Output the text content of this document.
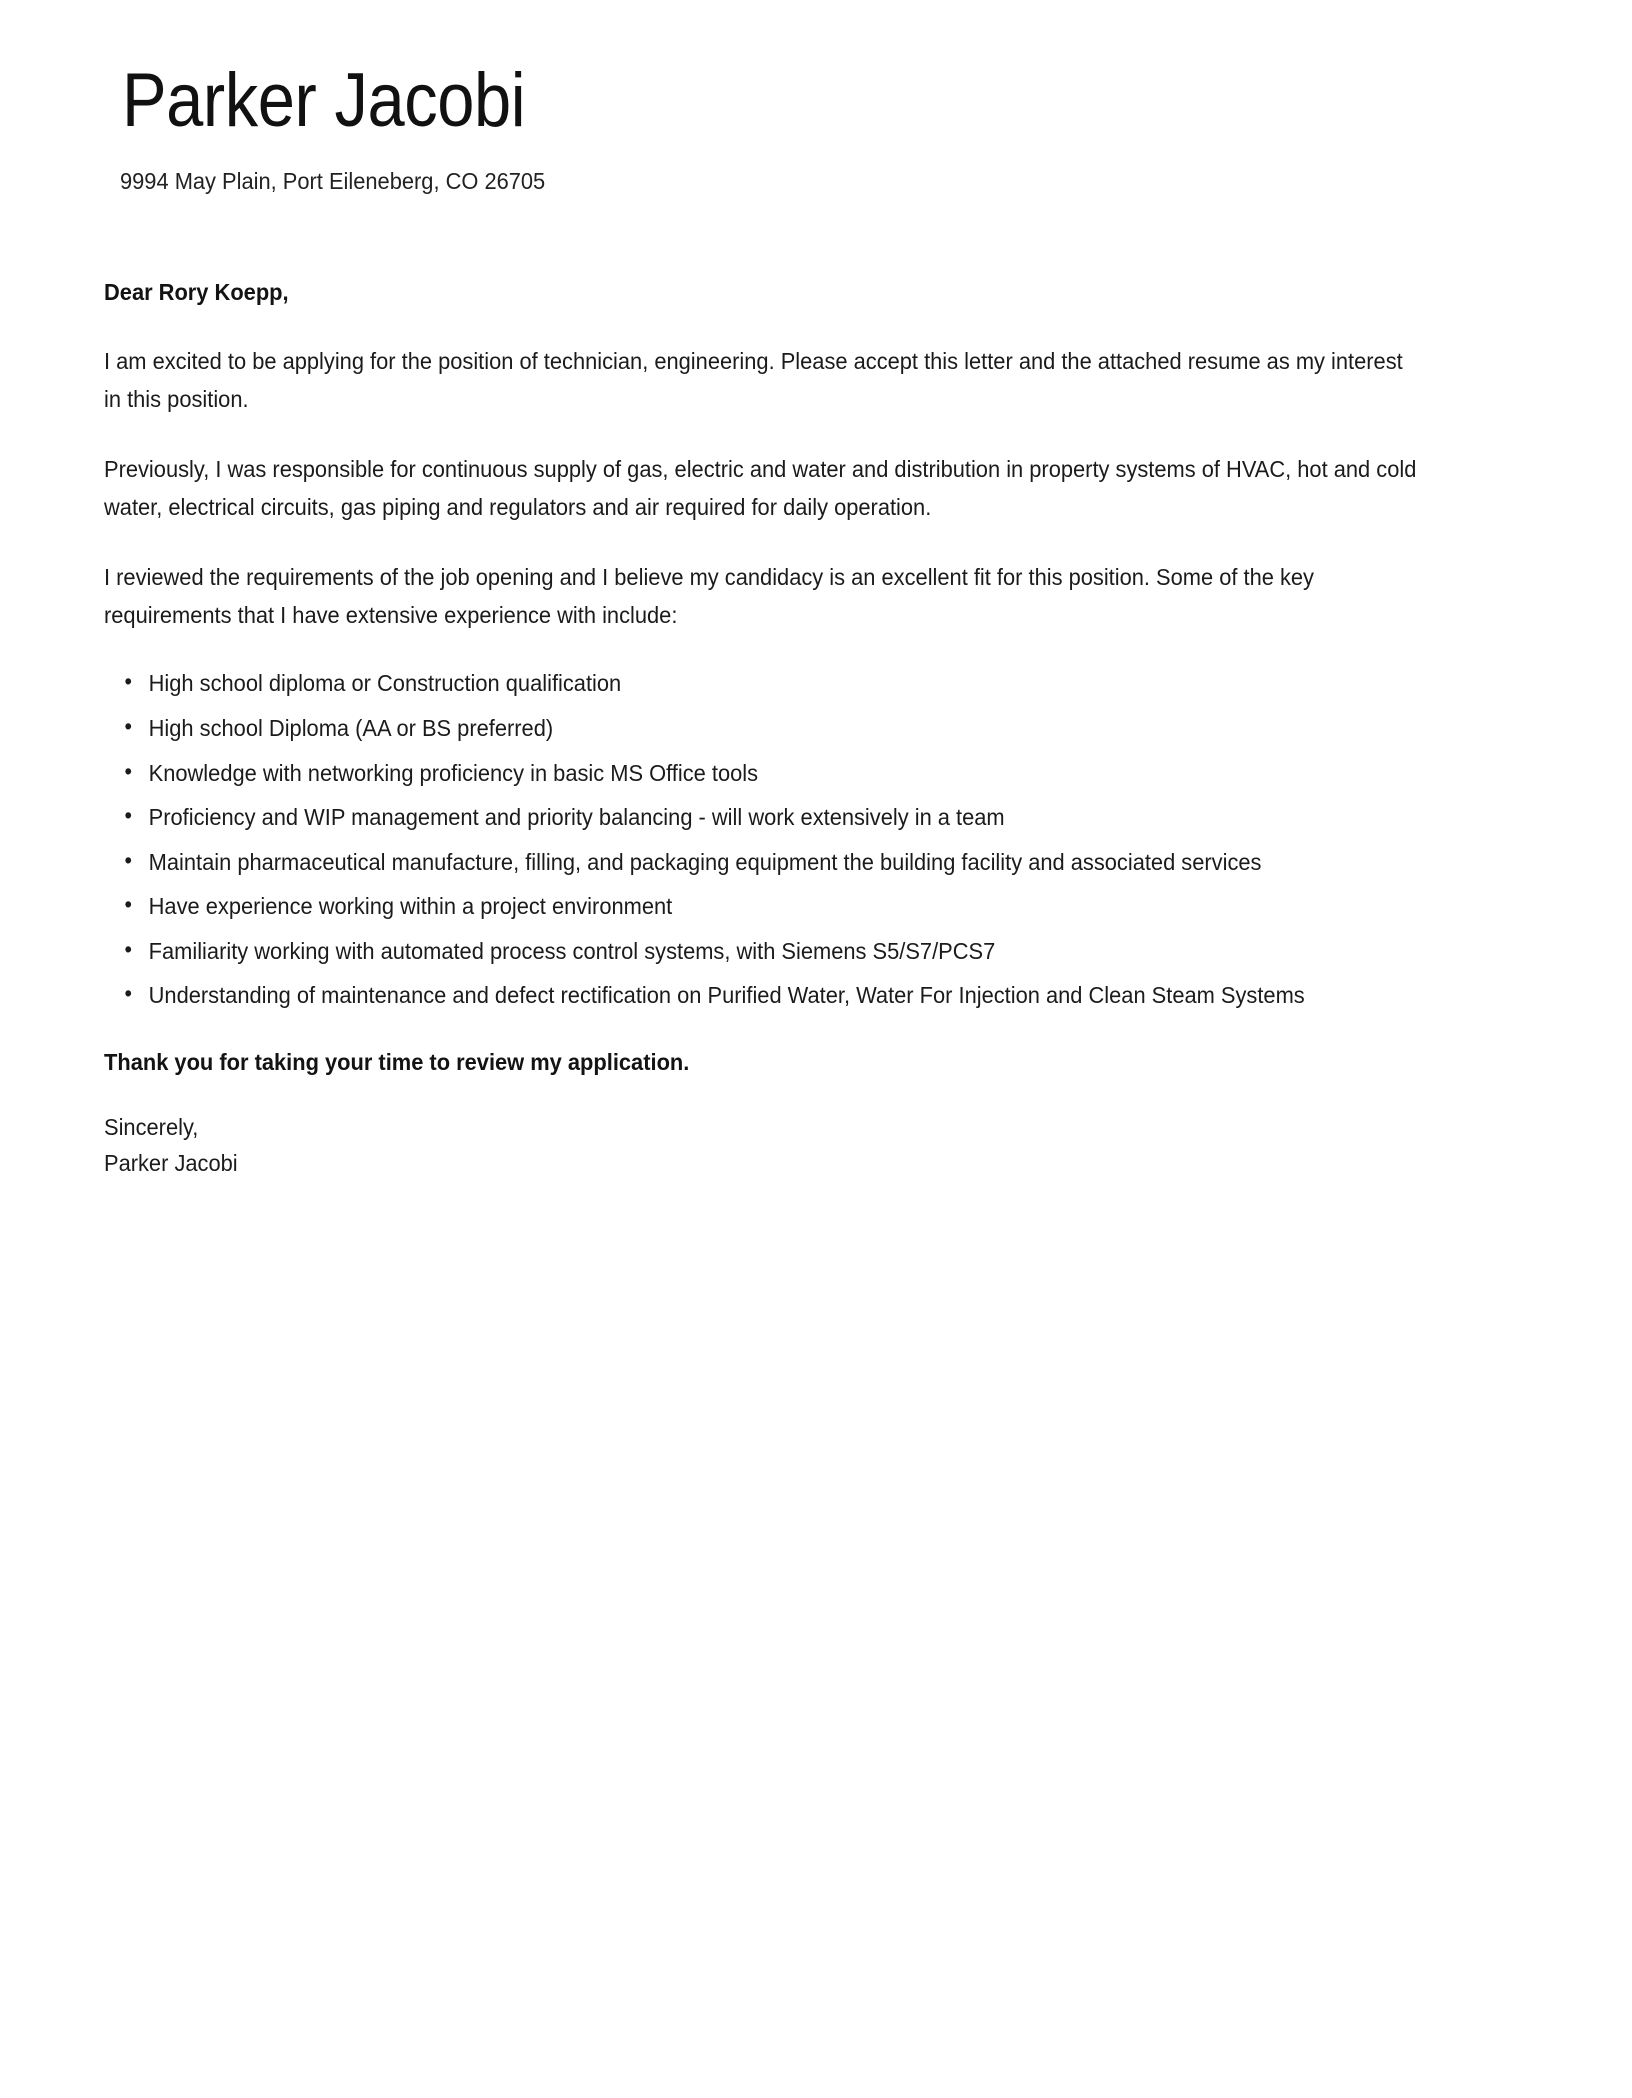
Parker Jacobi
9994 May Plain, Port Eileneberg, CO 26705
Dear Rory Koepp,

I am excited to be applying for the position of technician, engineering. Please accept this letter and the attached resume as my interest in this position.

Previously, I was responsible for continuous supply of gas, electric and water and distribution in property systems of HVAC, hot and cold water, electrical circuits, gas piping and regulators and air required for daily operation.

I reviewed the requirements of the job opening and I believe my candidacy is an excellent fit for this position. Some of the key requirements that I have extensive experience with include:

• High school diploma or Construction qualification
• High school Diploma (AA or BS preferred)
• Knowledge with networking proficiency in basic MS Office tools
• Proficiency and WIP management and priority balancing - will work extensively in a team
• Maintain pharmaceutical manufacture, filling, and packaging equipment the building facility and associated services
• Have experience working within a project environment
• Familiarity working with automated process control systems, with Siemens S5/S7/PCS7
• Understanding of maintenance and defect rectification on Purified Water, Water For Injection and Clean Steam Systems
Thank you for taking your time to review my application.
Sincerely,
Parker Jacobi
